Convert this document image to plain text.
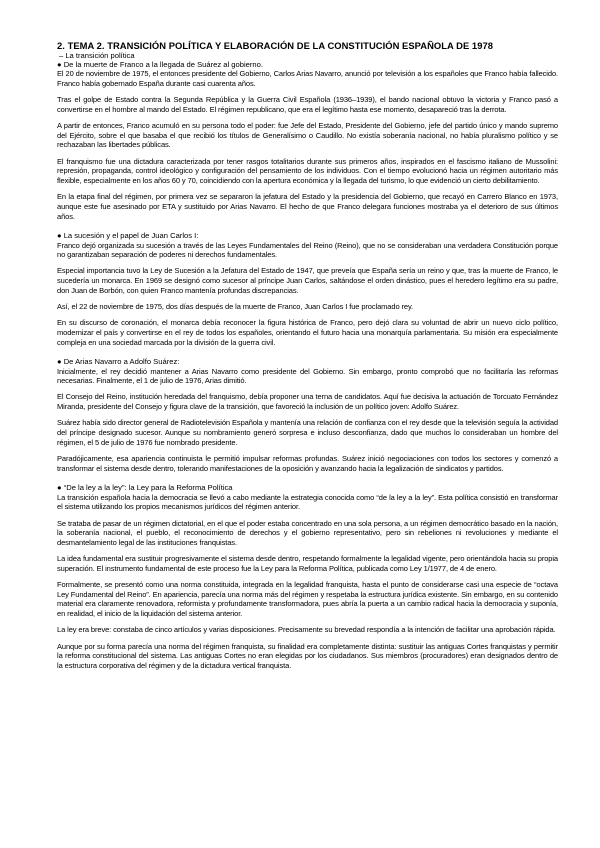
2. TEMA 2. TRANSICIÓN POLÍTICA Y ELABORACIÓN DE LA CONSTITUCIÓN ESPAÑOLA DE 1978

– La transición política

● De la muerte de Franco a la llegada de Suárez al gobierno.

El 20 de noviembre de 1975, el entonces presidente del Gobierno, Carlos Arias Navarro, anunció por televisión a los españoles que Franco había fallecido. Franco había gobernado España durante casi cuarenta años.

Tras el golpe de Estado contra la Segunda República y la Guerra Civil Española (1936–1939), el bando nacional obtuvo la victoria y Franco pasó a convertirse en el hombre al mando del Estado. El régimen republicano, que era el legítimo hasta ese momento, desapareció tras la derrota.

A partir de entonces, Franco acumuló en su persona todo el poder: fue Jefe del Estado, Presidente del Gobierno, jefe del partido único y mando supremo del Ejército, sobre el que basaba el que recibió los títulos de Generalísimo o Caudillo. No existía soberanía nacional, no había pluralismo político y se rechazaban las libertades públicas.

El franquismo fue una dictadura caracterizada por tener rasgos totalitarios durante sus primeros años, inspirados en el fascismo italiano de Mussolini: represión, propaganda, control ideológico y configuración del pensamiento de los individuos. Con el tiempo evolucionó hacia un régimen autoritario más flexible, especialmente en los años 60 y 70, coincidiendo con la apertura económica y la llegada del turismo, lo que evidenció un cierto debilitamiento.

En la etapa final del régimen, por primera vez se separaron la jefatura del Estado y la presidencia del Gobierno, que recayó en Carrero Blanco en 1973, aunque este fue asesinado por ETA y sustituido por Arias Navarro. El hecho de que Franco delegara funciones mostraba ya el deterioro de sus últimos años.

● La sucesión y el papel de Juan Carlos I:

Franco dejó organizada su sucesión a través de las Leyes Fundamentales del Reino (Reino), que no se consideraban una verdadera Constitución porque no garantizaban separación de poderes ni derechos fundamentales.

Especial importancia tuvo la Ley de Sucesión a la Jefatura del Estado de 1947, que preveía que España sería un reino y que, tras la muerte de Franco, le sucedería un monarca. En 1969 se designó como sucesor al príncipe Juan Carlos, saltándose el orden dinástico, pues el heredero legítimo era su padre, don Juan de Borbón, con quien Franco mantenía profundas discrepancias.

Así, el 22 de noviembre de 1975, dos días después de la muerte de Franco, Juan Carlos I fue proclamado rey.

En su discurso de coronación, el monarca debía reconocer la figura histórica de Franco, pero dejó clara su voluntad de abrir un nuevo ciclo político, modernizar el país y convertirse en el rey de todos los españoles, orientando el futuro hacia una monarquía parlamentaria. Su misión era especialmente compleja en una sociedad marcada por la división de la guerra civil.

● De Arias Navarro a Adolfo Suárez:

Inicialmente, el rey decidió mantener a Arias Navarro como presidente del Gobierno. Sin embargo, pronto comprobó que no facilitaría las reformas necesarias. Finalmente, el 1 de julio de 1976, Arias dimitió.

El Consejo del Reino, institución heredada del franquismo, debía proponer una terna de candidatos. Aquí fue decisiva la actuación de Torcuato Fernández Miranda, presidente del Consejo y figura clave de la transición, que favoreció la inclusión de un político joven: Adolfo Suárez.

Suárez había sido director general de Radiotelevisión Española y mantenía una relación de confianza con el rey desde que la televisión seguía la actividad del príncipe designado sucesor. Aunque su nombramiento generó sorpresa e incluso desconfianza, dado que muchos lo consideraban un hombre del régimen, el 5 de julio de 1976 fue nombrado presidente.

Paradójicamente, esa apariencia continuista le permitió impulsar reformas profundas. Suárez inició negociaciones con todos los sectores y comenzó a transformar el sistema desde dentro, tolerando manifestaciones de la oposición y avanzando hacia la legalización de sindicatos y partidos.

● “De la ley a la ley”: la Ley para la Reforma Política

La transición española hacia la democracia se llevó a cabo mediante la estrategia conocida como “de la ley a la ley”. Esta política consistió en transformar el sistema utilizando los propios mecanismos jurídicos del régimen anterior.

Se trataba de pasar de un régimen dictatorial, en el que el poder estaba concentrado en una sola persona, a un régimen democrático basado en la nación, la soberanía nacional, el pueblo, el reconocimiento de derechos y el gobierno representativo, pero sin rebeliones ni revoluciones y mediante el desmantelamiento legal de las instituciones franquistas.

La idea fundamental era sustituir progresivamente el sistema desde dentro, respetando formalmente la legalidad vigente, pero orientándola hacia su propia superación. El instrumento fundamental de este proceso fue la Ley para la Reforma Política, publicada como Ley 1/1977, de 4 de enero.

Formalmente, se presentó como una norma constituida, integrada en la legalidad franquista, hasta el punto de considerarse casi una especie de “octava Ley Fundamental del Reino”. En apariencia, parecía una norma más del régimen y respetaba la estructura jurídica existente. Sin embargo, en su contenido material era claramente renovadora, reformista y profundamente transformadora, pues abría la puerta a un cambio radical hacia la democracia y suponía, en realidad, el inicio de la liquidación del sistema anterior.

La ley era breve: constaba de cinco artículos y varias disposiciones. Precisamente su brevedad respondía a la intención de facilitar una aprobación rápida.

Aunque por su forma parecía una norma del régimen franquista, su finalidad era completamente distinta: sustituir las antiguas Cortes franquistas y permitir la reforma constitucional del sistema. Las antiguas Cortes no eran elegidas por los ciudadanos. Sus miembros (procuradores) eran designados dentro de la estructura corporativa del régimen y de la dictadura vertical franquista.
